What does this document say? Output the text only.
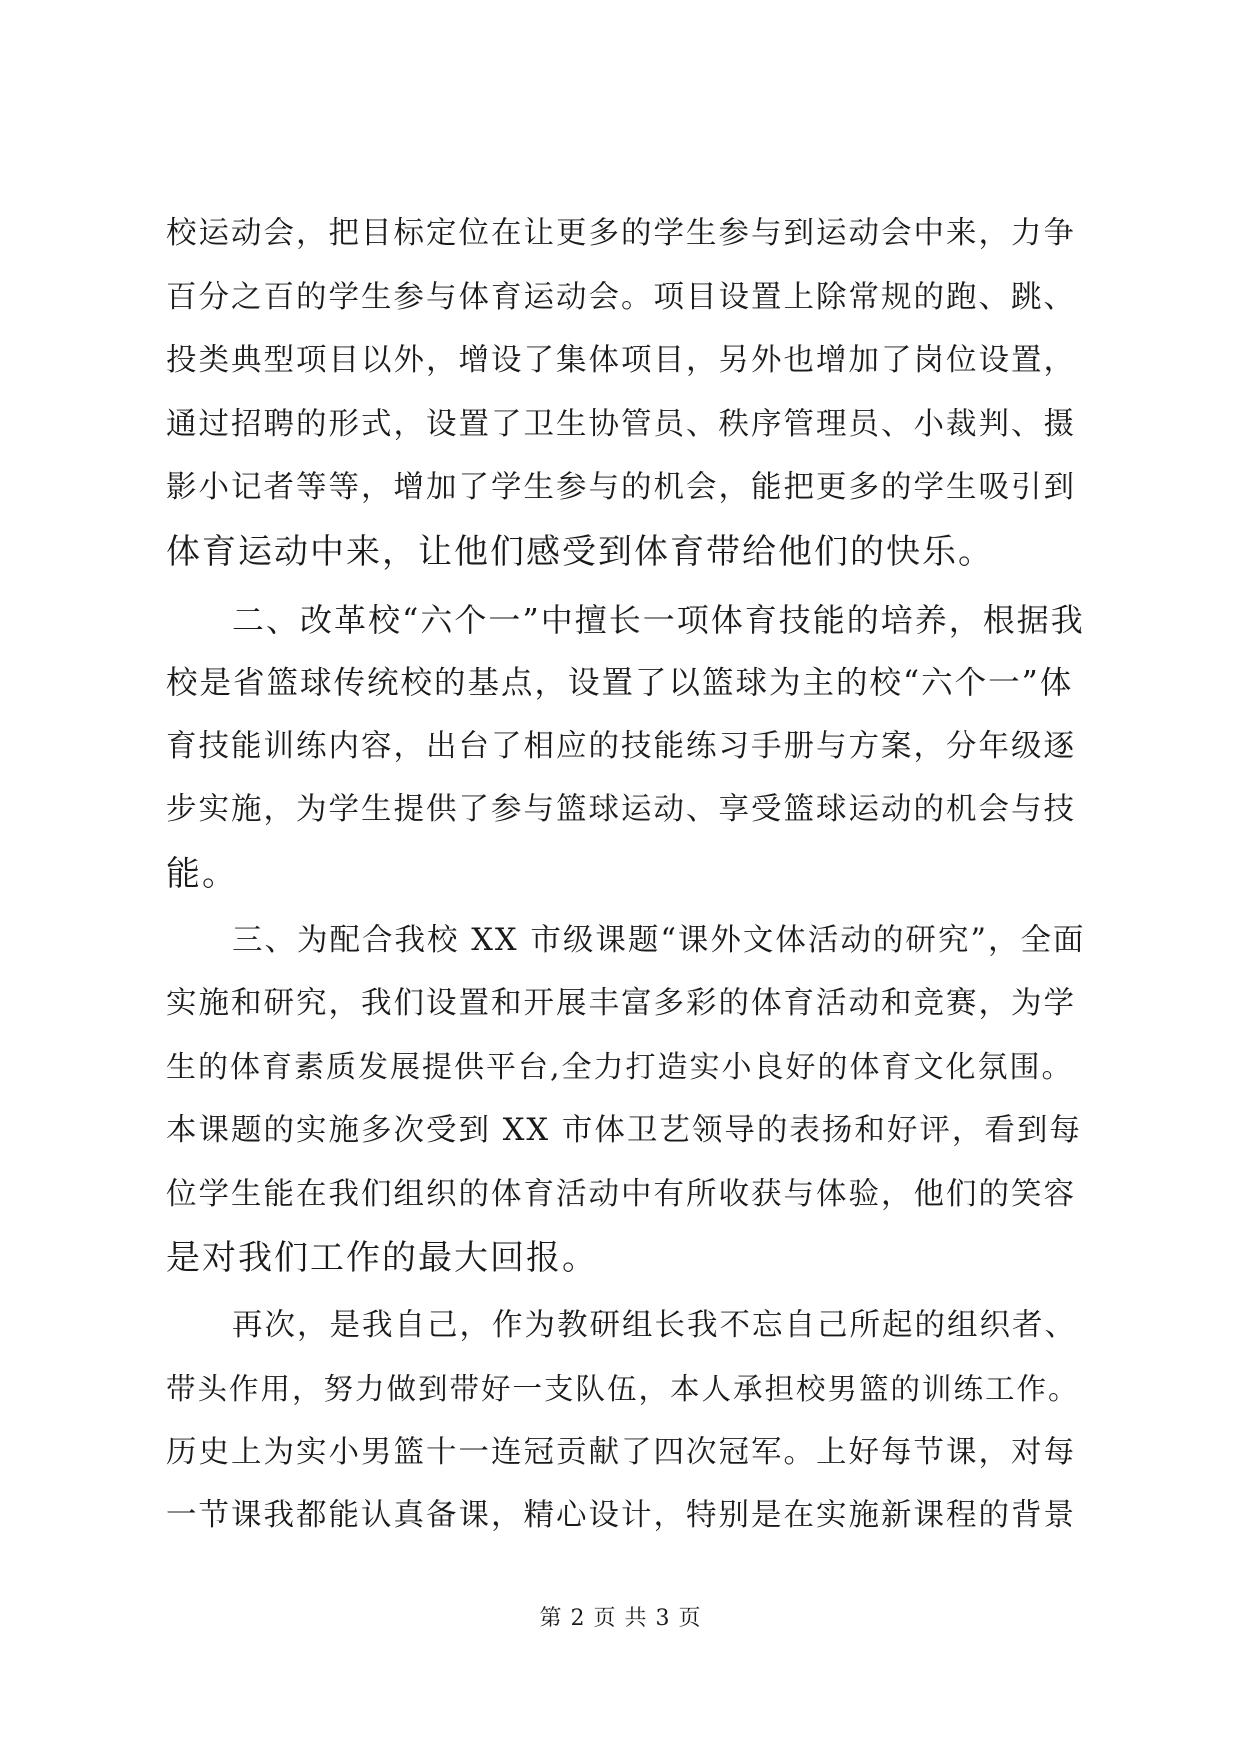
校运动会，把目标定位在让更多的学生参与到运动会中来，力争
百分之百的学生参与体育运动会。项目设置上除常规的跑、跳、
投类典型项目以外，增设了集体项目，另外也增加了岗位设置，
通过招聘的形式，设置了卫生协管员、秩序管理员、小裁判、摄
影小记者等等，增加了学生参与的机会，能把更多的学生吸引到
体育运动中来，让他们感受到体育带给他们的快乐。
二、改革校“六个一”中擅长一项体育技能的培养，根据我
校是省篮球传统校的基点，设置了以篮球为主的校“六个一”体
育技能训练内容，出台了相应的技能练习手册与方案，分年级逐
步实施，为学生提供了参与篮球运动、享受篮球运动的机会与技
能。
三、为配合我校 XX 市级课题“课外文体活动的研究”，全面
实施和研究，我们设置和开展丰富多彩的体育活动和竞赛，为学
生的体育素质发展提供平台,全力打造实小良好的体育文化氛围。
本课题的实施多次受到 XX 市体卫艺领导的表扬和好评，看到每
位学生能在我们组织的体育活动中有所收获与体验，他们的笑容
是对我们工作的最大回报。
再次，是我自己，作为教研组长我不忘自己所起的组织者、
带头作用，努力做到带好一支队伍，本人承担校男篮的训练工作。
历史上为实小男篮十一连冠贡献了四次冠军。上好每节课，对每
一节课我都能认真备课，精心设计，特别是在实施新课程的背景
第 2 页 共 3 页
